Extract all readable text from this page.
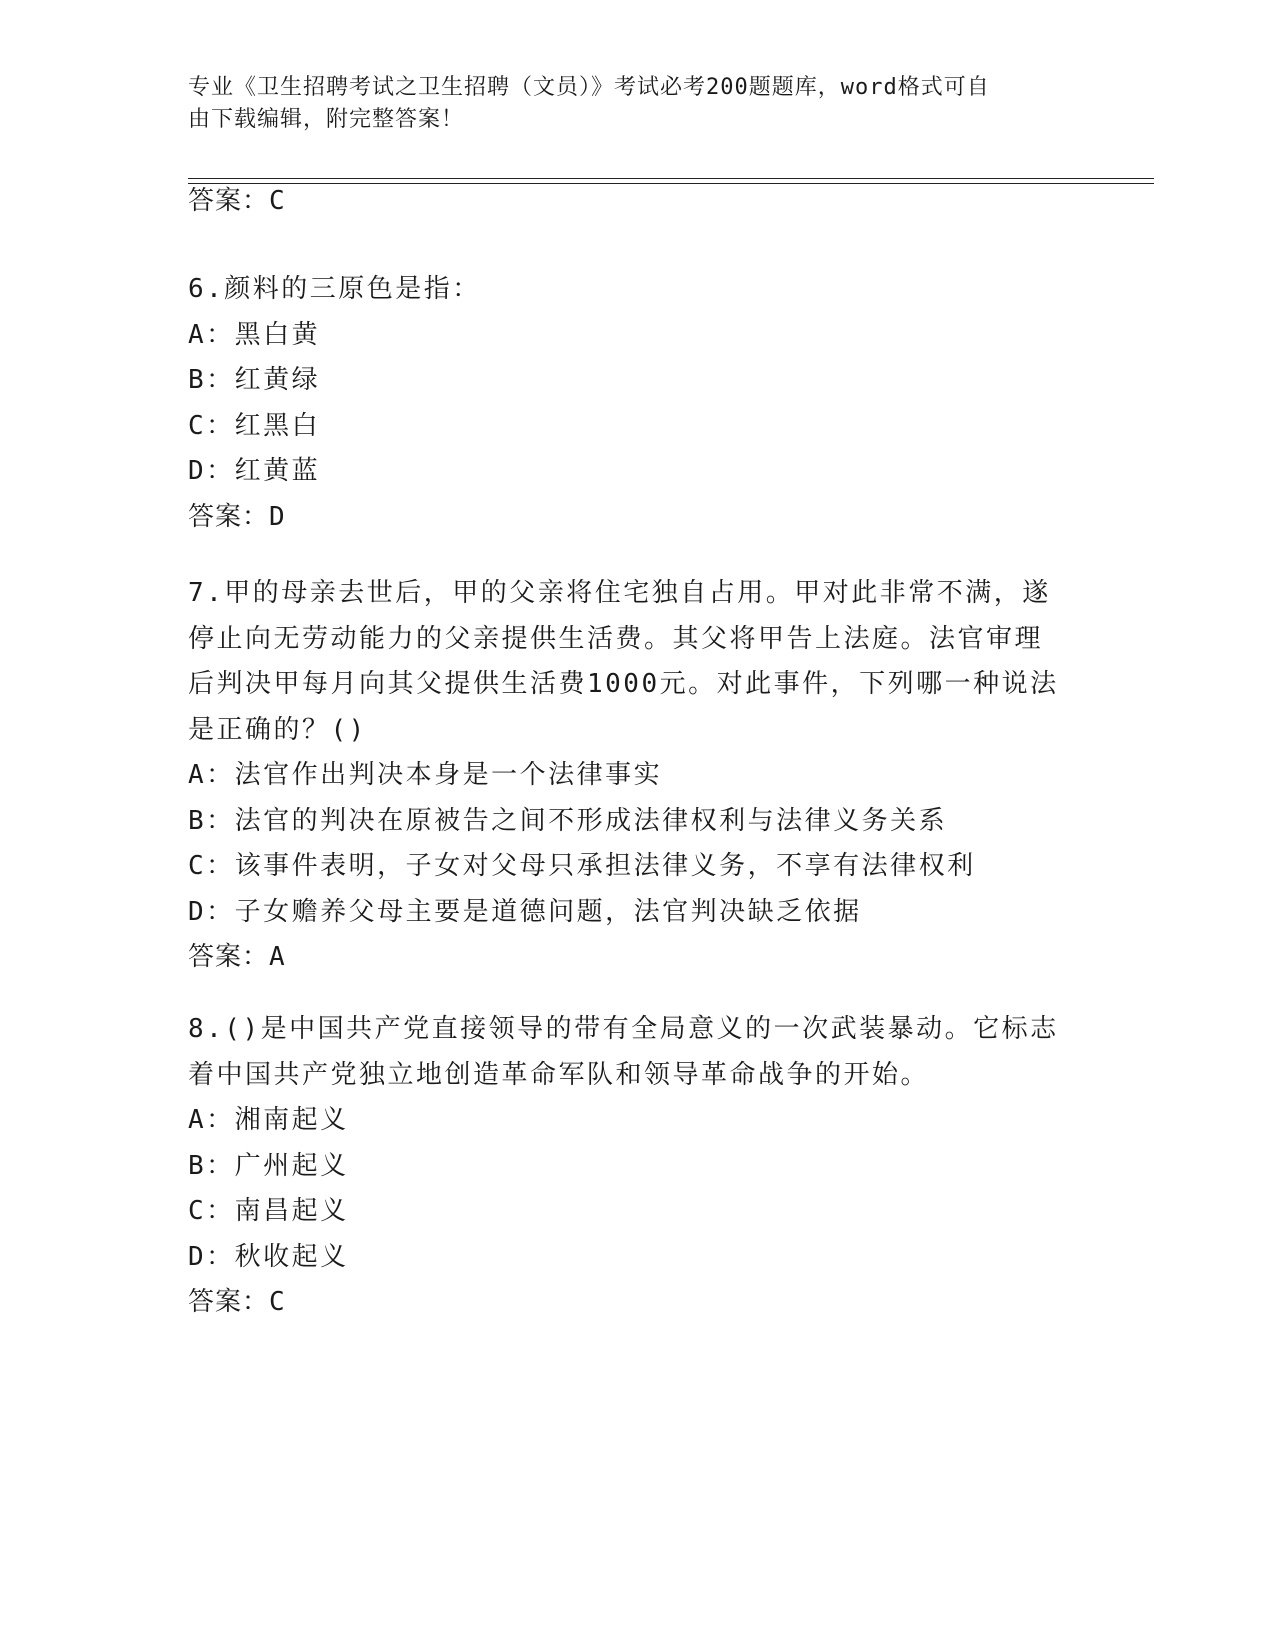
专业《卫生招聘考试之卫生招聘（文员）》考试必考200题题库，word格式可自
由下载编辑，附完整答案！
答案：C
6.颜料的三原色是指：
A：黑白黄
B：红黄绿
C：红黑白
D：红黄蓝
答案：D
7.甲的母亲去世后，甲的父亲将住宅独自占用。甲对此非常不满，遂
停止向无劳动能力的父亲提供生活费。其父将甲告上法庭。法官审理
后判决甲每月向其父提供生活费1000元。对此事件，下列哪一种说法
是正确的？()
A：法官作出判决本身是一个法律事实
B：法官的判决在原被告之间不形成法律权利与法律义务关系
C：该事件表明，子女对父母只承担法律义务，不享有法律权利
D：子女赡养父母主要是道德问题，法官判决缺乏依据
答案：A
8.()是中国共产党直接领导的带有全局意义的一次武装暴动。它标志
着中国共产党独立地创造革命军队和领导革命战争的开始。
A：湘南起义
B：广州起义
C：南昌起义
D：秋收起义
答案：C
